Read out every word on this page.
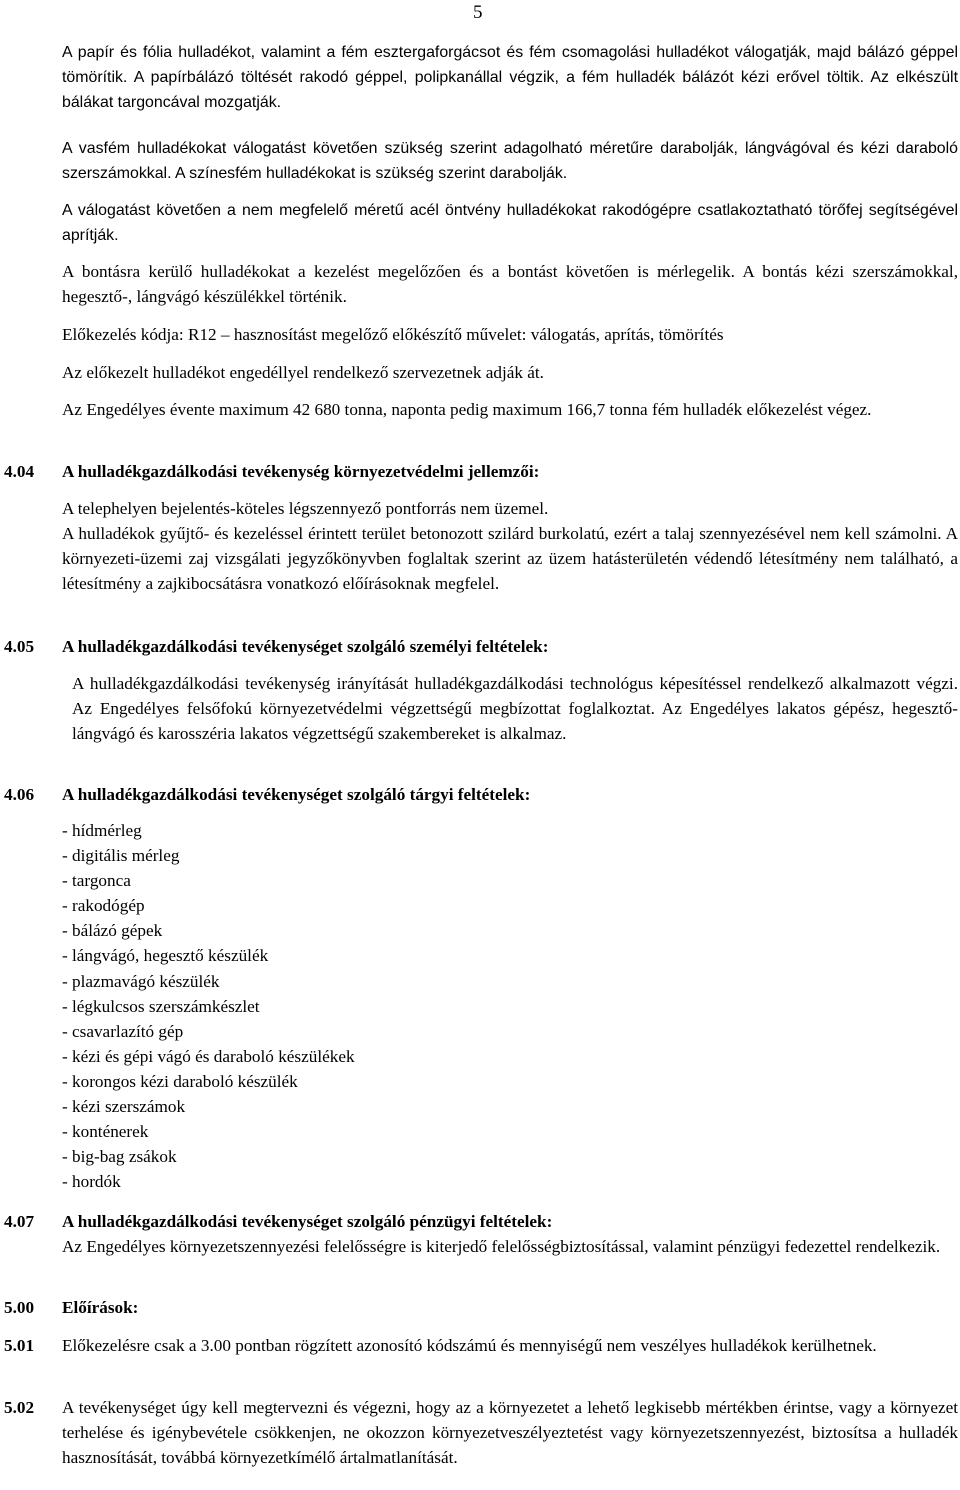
5

A papír és fólia hulladékot, valamint a fém esztergaforgácsot és fém csomagolási hulladékot válogatják, majd bálázó géppel tömörítik. A papírbálázó töltését rakodó géppel, polipkanállal végzik, a fém hulladék bálázót kézi erővel töltik. Az elkészült bálákat targoncával mozgatják.

A vasfém hulladékokat válogatást követően szükség szerint adagolható méretűre darabolják, lángvágóval és kézi daraboló szerszámokkal. A színesfém hulladékokat is szükség szerint darabolják.

A válogatást követően a nem megfelelő méretű acél öntvény hulladékokat rakodógépre csatlakoztatható törőfej segítségével aprítják.

A bontásra kerülő hulladékokat a kezelést megelőzően és a bontást követően is mérlegelik. A bontás kézi szerszámokkal, hegesztő-, lángvágó készülékkel történik.

Előkezelés kódja: R12 – hasznosítást megelőző előkészítő művelet: válogatás, aprítás, tömörítés

Az előkezelt hulladékot engedéllyel rendelkező szervezetnek adják át.

Az Engedélyes évente maximum 42 680 tonna, naponta pedig maximum 166,7 tonna fém hulladék előkezelést végez.

4.04 A hulladékgazdálkodási tevékenység környezetvédelmi jellemzői:

A telephelyen bejelentés-köteles légszennyező pontforrás nem üzemel.

A hulladékok gyűjtő- és kezeléssel érintett terület betonozott szilárd burkolatú, ezért a talaj szennyezésével nem kell számolni. A környezeti-üzemi zaj vizsgálati jegyzőkönyvben foglaltak szerint az üzem hatásterületén védendő létesítmény nem található, a létesítmény a zajkibocsátásra vonatkozó előírásoknak megfelel.

4.05 A hulladékgazdálkodási tevékenységet szolgáló személyi feltételek:

A hulladékgazdálkodási tevékenység irányítását hulladékgazdálkodási technológus képesítéssel rendelkező alkalmazott végzi. Az Engedélyes felsőfokú környezetvédelmi végzettségű megbízottat foglalkoztat. Az Engedélyes lakatos gépész, hegesztő-lángvágó és karosszéria lakatos végzettségű szakembereket is alkalmaz.

4.06 A hulladékgazdálkodási tevékenységet szolgáló tárgyi feltételek:
- hídmérleg
- digitális mérleg
- targonca
- rakodógép
- bálázó gépek
- lángvágó, hegesztő készülék
- plazmavágó készülék
- légkulcsos szerszámkészlet
- csavarlazító gép
- kézi és gépi vágó és daraboló készülékek
- korongos kézi daraboló készülék
- kézi szerszámok
- konténerek
- big-bag zsákok
- hordók
4.07 A hulladékgazdálkodási tevékenységet szolgáló pénzügyi feltételek:

Az Engedélyes környezetszennyezési felelősségre is kiterjedő felelősségbiztosítással, valamint pénzügyi fedezettel rendelkezik.

5.00 Előírások:
5.01 Előkezelésre csak a 3.00 pontban rögzített azonosító kódszámú és mennyiségű nem veszélyes hulladékok kerülhetnek.
5.02 A tevékenységet úgy kell megtervezni és végezni, hogy az a környezetet a lehető legkisebb mértékben érintse, vagy a környezet terhelése és igénybevétele csökkenjen, ne okozzon környezetveszélyeztetést vagy környezetszennyezést, biztosítsa a hulladék hasznosítását, továbbá környezetkímélő ártalmatlanítását.
